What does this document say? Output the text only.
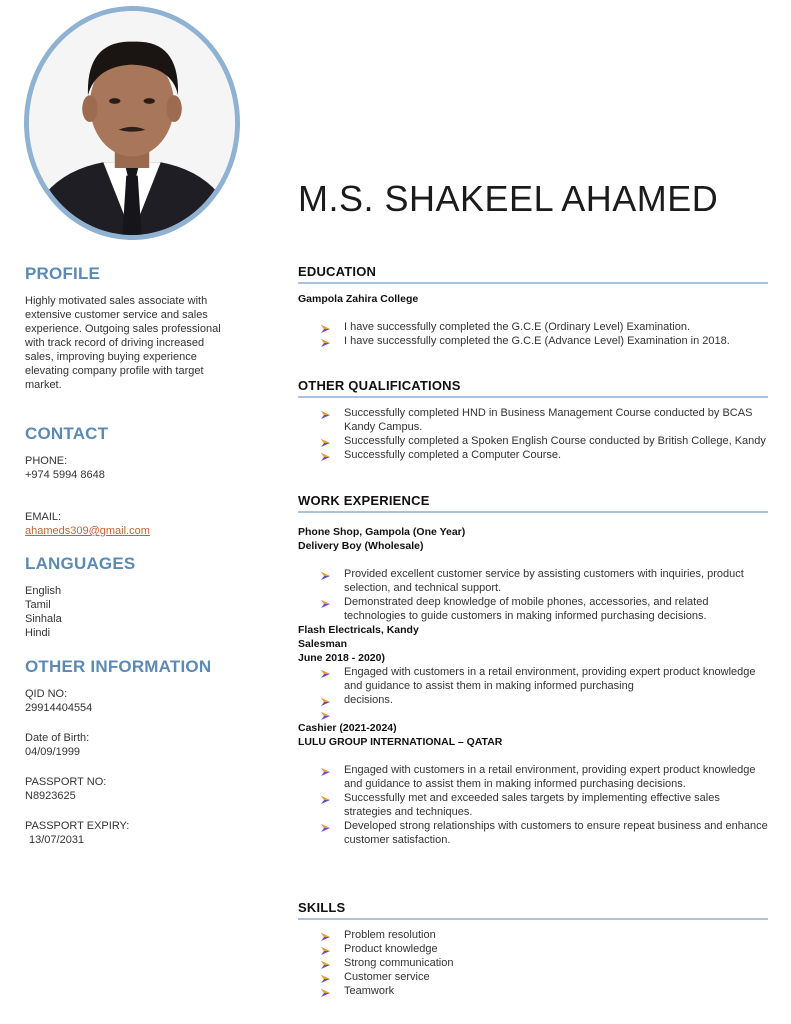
PROFILE
Highly motivated sales associate with extensive customer service and sales experience. Outgoing sales professional with track record of driving increased sales, improving buying experience elevating company profile with target market.
CONTACT
PHONE:
+974 5994 8648
EMAIL:
ahameds309@gmail.com
LANGUAGES
English
Tamil
Sinhala
Hindi
OTHER INFORMATION
QID NO:
29914404554
Date of Birth:
04/09/1999
PASSPORT NO:
N8923625
PASSPORT EXPIRY:
13/07/2031
M.S. SHAKEEL AHAMED
EDUCATION
Gampola Zahira College
I have successfully completed the G.C.E (Ordinary Level) Examination.
I have successfully completed the G.C.E (Advance Level) Examination in 2018.
OTHER QUALIFICATIONS
Successfully completed HND in Business Management Course conducted by BCAS Kandy Campus.
Successfully completed a Spoken English Course conducted by British College, Kandy
Successfully completed a Computer Course.
WORK EXPERIENCE
Phone Shop, Gampola (One Year)
Delivery Boy (Wholesale)
Provided excellent customer service by assisting customers with inquiries, product selection, and technical support.
Demonstrated deep knowledge of mobile phones, accessories, and related technologies to guide customers in making informed purchasing decisions.
Flash Electricals, Kandy
Salesman
June 2018 - 2020)
Engaged with customers in a retail environment, providing expert product knowledge and guidance to assist them in making informed purchasing
decisions.
Cashier (2021-2024)
LULU GROUP INTERNATIONAL – QATAR
Engaged with customers in a retail environment, providing expert product knowledge and guidance to assist them in making informed purchasing decisions.
Successfully met and exceeded sales targets by implementing effective sales strategies and techniques.
Developed strong relationships with customers to ensure repeat business and enhance customer satisfaction.
SKILLS
Problem resolution
Product knowledge
Strong communication
Customer service
Teamwork
